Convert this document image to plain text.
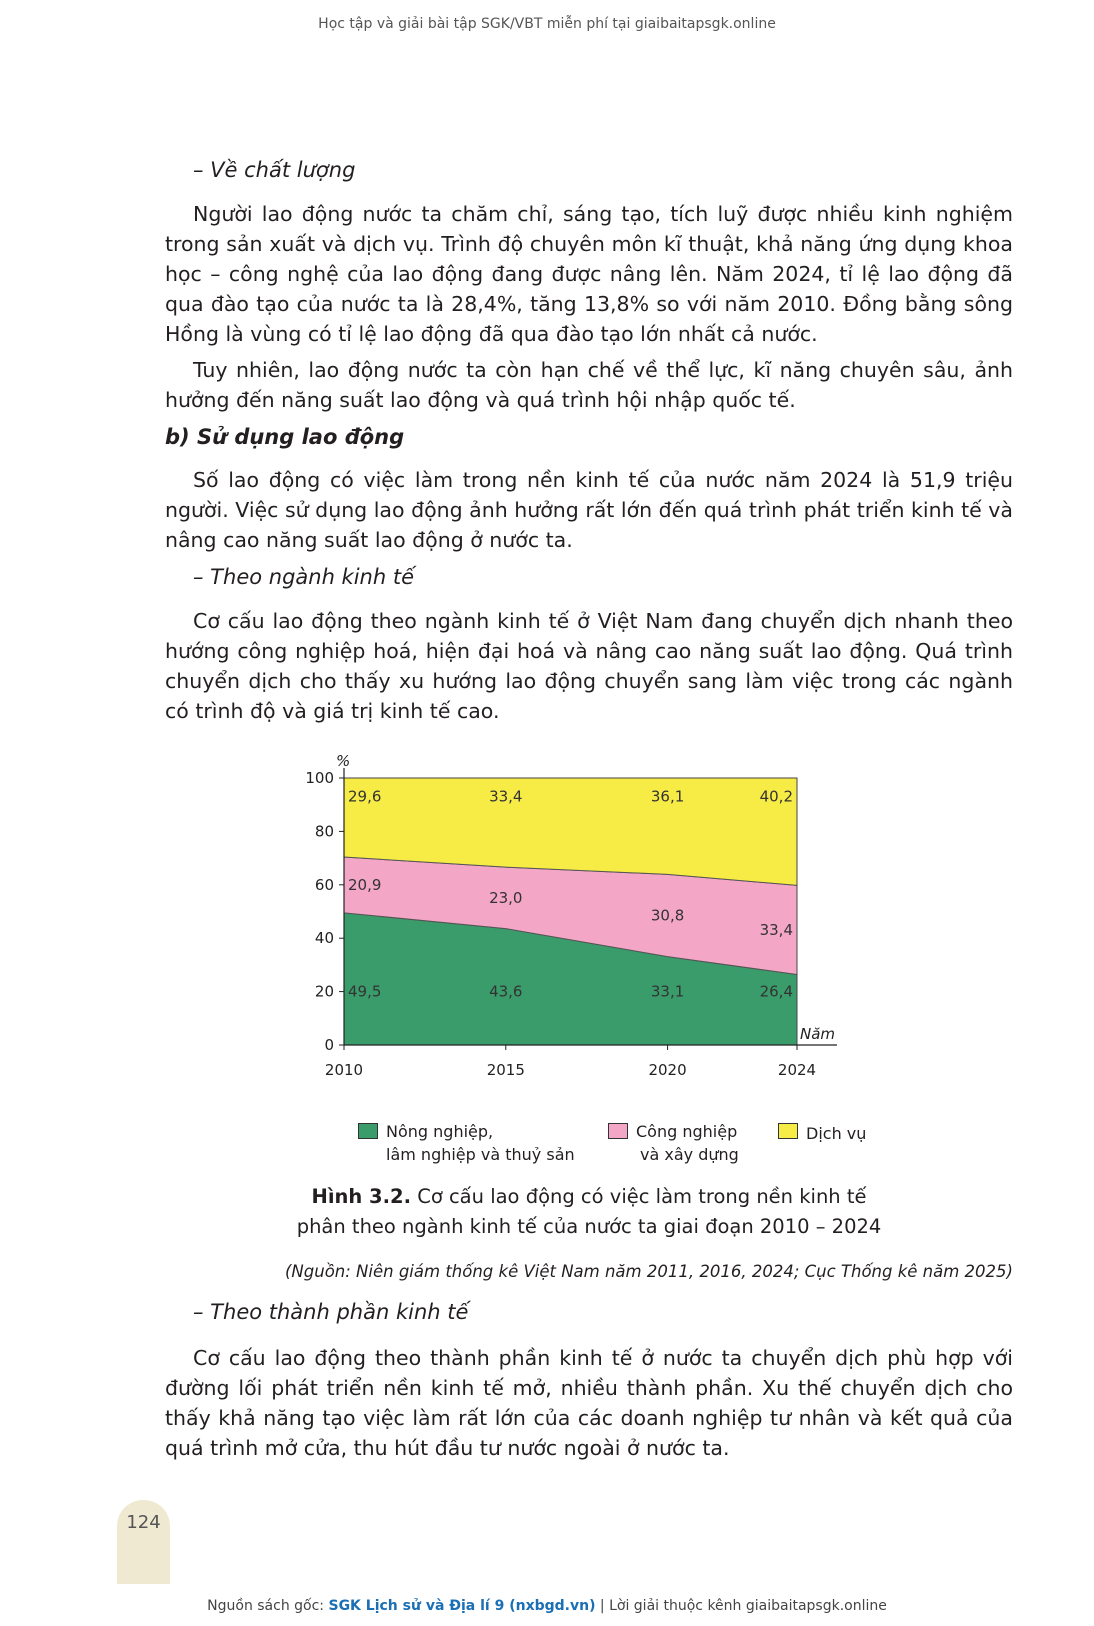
Học tập và giải bài tập SGK/VBT miễn phí tại giaibaitapsgk.online
– Về chất lượng
Người lao động nước ta chăm chỉ, sáng tạo, tích luỹ được nhiều kinh nghiệm trong sản xuất và dịch vụ. Trình độ chuyên môn kĩ thuật, khả năng ứng dụng khoa học – công nghệ của lao động đang được nâng lên. Năm 2024, tỉ lệ lao động đã qua đào tạo của nước ta là 28,4%, tăng 13,8% so với năm 2010. Đồng bằng sông Hồng là vùng có tỉ lệ lao động đã qua đào tạo lớn nhất cả nước.
Tuy nhiên, lao động nước ta còn hạn chế về thể lực, kĩ năng chuyên sâu, ảnh hưởng đến năng suất lao động và quá trình hội nhập quốc tế.
b) Sử dụng lao động
Số lao động có việc làm trong nền kinh tế của nước năm 2024 là 51,9 triệu người. Việc sử dụng lao động ảnh hưởng rất lớn đến quá trình phát triển kinh tế và nâng cao năng suất lao động ở nước ta.
– Theo ngành kinh tế
Cơ cấu lao động theo ngành kinh tế ở Việt Nam đang chuyển dịch nhanh theo hướng công nghiệp hoá, hiện đại hoá và nâng cao năng suất lao động. Quá trình chuyển dịch cho thấy xu hướng lao động chuyển sang làm việc trong các ngành có trình độ và giá trị kinh tế cao.
0
20
40
60
80
100
2010	2015	2020	2024
%
Năm
49,5	43,6	33,1	26,4
20,9
23,0
30,8
33,4
29,6	33,4	36,1	40,2
Nông nghiệp,
lâm nghiệp và thuỷ sản
Công nghiệp
và xây dựng
Dịch vụ
Hình 3.2. Cơ cấu lao động có việc làm trong nền kinh tế
phân theo ngành kinh tế của nước ta giai đoạn 2010 – 2024
(Nguồn: Niên giám thống kê Việt Nam năm 2011, 2016, 2024; Cục Thống kê năm 2025)
– Theo thành phần kinh tế
Cơ cấu lao động theo thành phần kinh tế ở nước ta chuyển dịch phù hợp với đường lối phát triển nền kinh tế mở, nhiều thành phần. Xu thế chuyển dịch cho thấy khả năng tạo việc làm rất lớn của các doanh nghiệp tư nhân và kết quả của quá trình mở cửa, thu hút đầu tư nước ngoài ở nước ta.
124
Nguồn sách gốc: SGK Lịch sử và Địa lí 9 (nxbgd.vn) | Lời giải thuộc kênh giaibaitapsgk.online
